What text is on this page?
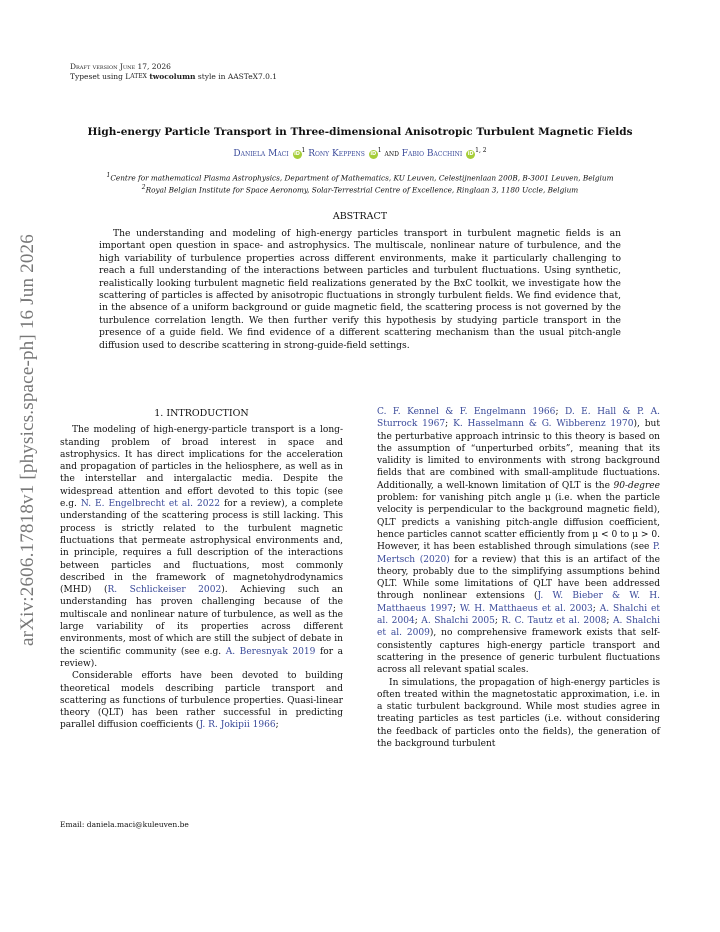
Draft version June 17, 2026
Typeset using LATEX twocolumn style in AASTeX7.0.1
arXiv:2606.17818v1 [physics.space-ph] 16 Jun 2026
High-energy Particle Transport in Three-dimensional Anisotropic Turbulent Magnetic Fields
Daniela Maci iD $^1$ Rony Keppens iD $^1$ and Fabio Bacchini iD $^{1, 2}$
$^1$Centre for mathematical Plasma Astrophysics, Department of Mathematics, KU Leuven, Celestijnenlaan 200B, B-3001 Leuven, Belgium
$^2$Royal Belgian Institute for Space Aeronomy, Solar-Terrestrial Centre of Excellence, Ringlaan 3, 1180 Uccle, Belgium
ABSTRACT
The understanding and modeling of high-energy particles transport in turbulent magnetic fields is an important open question in space- and astrophysics. The multiscale, nonlinear nature of turbulence, and the high variability of turbulence properties across different environments, make it particularly challenging to reach a full understanding of the interactions between particles and turbulent fluctuations. Using synthetic, realistically looking turbulent magnetic field realizations generated by the BxC toolkit, we investigate how the scattering of particles is affected by anisotropic fluctuations in strongly turbulent fields. We find evidence that, in the absence of a uniform background or guide magnetic field, the scattering process is not governed by the turbulence correlation length. We then further verify this hypothesis by studying particle transport in the presence of a guide field. We find evidence of a different scattering mechanism than the usual pitch-angle diffusion used to describe scattering in strong-guide-field settings.
1. INTRODUCTION

The modeling of high-energy-particle transport is a long-standing problem of broad interest in space and astrophysics. It has direct implications for the acceleration and propagation of particles in the heliosphere, as well as in the interstellar and intergalactic media. Despite the widespread attention and effort devoted to this topic (see e.g. N. E. Engelbrecht et al. 2022 for a review), a complete understanding of the scattering process is still lacking. This process is strictly related to the turbulent magnetic fluctuations that permeate astrophysical environments and, in principle, requires a full description of the interactions between particles and fluctuations, most commonly described in the framework of magnetohydrodynamics (MHD) (R. Schlickeiser 2002). Achieving such an understanding has proven challenging because of the multiscale and nonlinear nature of turbulence, as well as the large variability of its properties across different environments, most of which are still the subject of debate in the scientific community (see e.g. A. Beresnyak 2019 for a review).

Considerable efforts have been devoted to building theoretical models describing particle transport and scattering as functions of turbulence properties. Quasi-linear theory (QLT) has been rather successful in predicting parallel diffusion coefficients (J. R. Jokipii 1966;

C. F. Kennel & F. Engelmann 1966; D. E. Hall & P. A. Sturrock 1967; K. Hasselmann & G. Wibberenz 1970), but the perturbative approach intrinsic to this theory is based on the assumption of “unperturbed orbits”, meaning that its validity is limited to environments with strong background fields that are combined with small-amplitude fluctuations. Additionally, a well-known limitation of QLT is the 90-degree problem: for vanishing pitch angle μ (i.e. when the particle velocity is perpendicular to the background magnetic field), QLT predicts a vanishing pitch-angle diffusion coefficient, hence particles cannot scatter efficiently from μ < 0 to μ > 0. However, it has been established through simulations (see P. Mertsch (2020) for a review) that this is an artifact of the theory, probably due to the simplifying assumptions behind QLT. While some limitations of QLT have been addressed through nonlinear extensions (J. W. Bieber & W. H. Matthaeus 1997; W. H. Matthaeus et al. 2003; A. Shalchi et al. 2004; A. Shalchi 2005; R. C. Tautz et al. 2008; A. Shalchi et al. 2009), no comprehensive framework exists that self-consistently captures high-energy particle transport and scattering in the presence of generic turbulent fluctuations across all relevant spatial scales.

In simulations, the propagation of high-energy particles is often treated within the magnetostatic approximation, i.e. in a static turbulent background. While most studies agree in treating particles as test particles (i.e. without considering the feedback of particles onto the fields), the generation of the background turbulent

Email: daniela.maci@kuleuven.be
